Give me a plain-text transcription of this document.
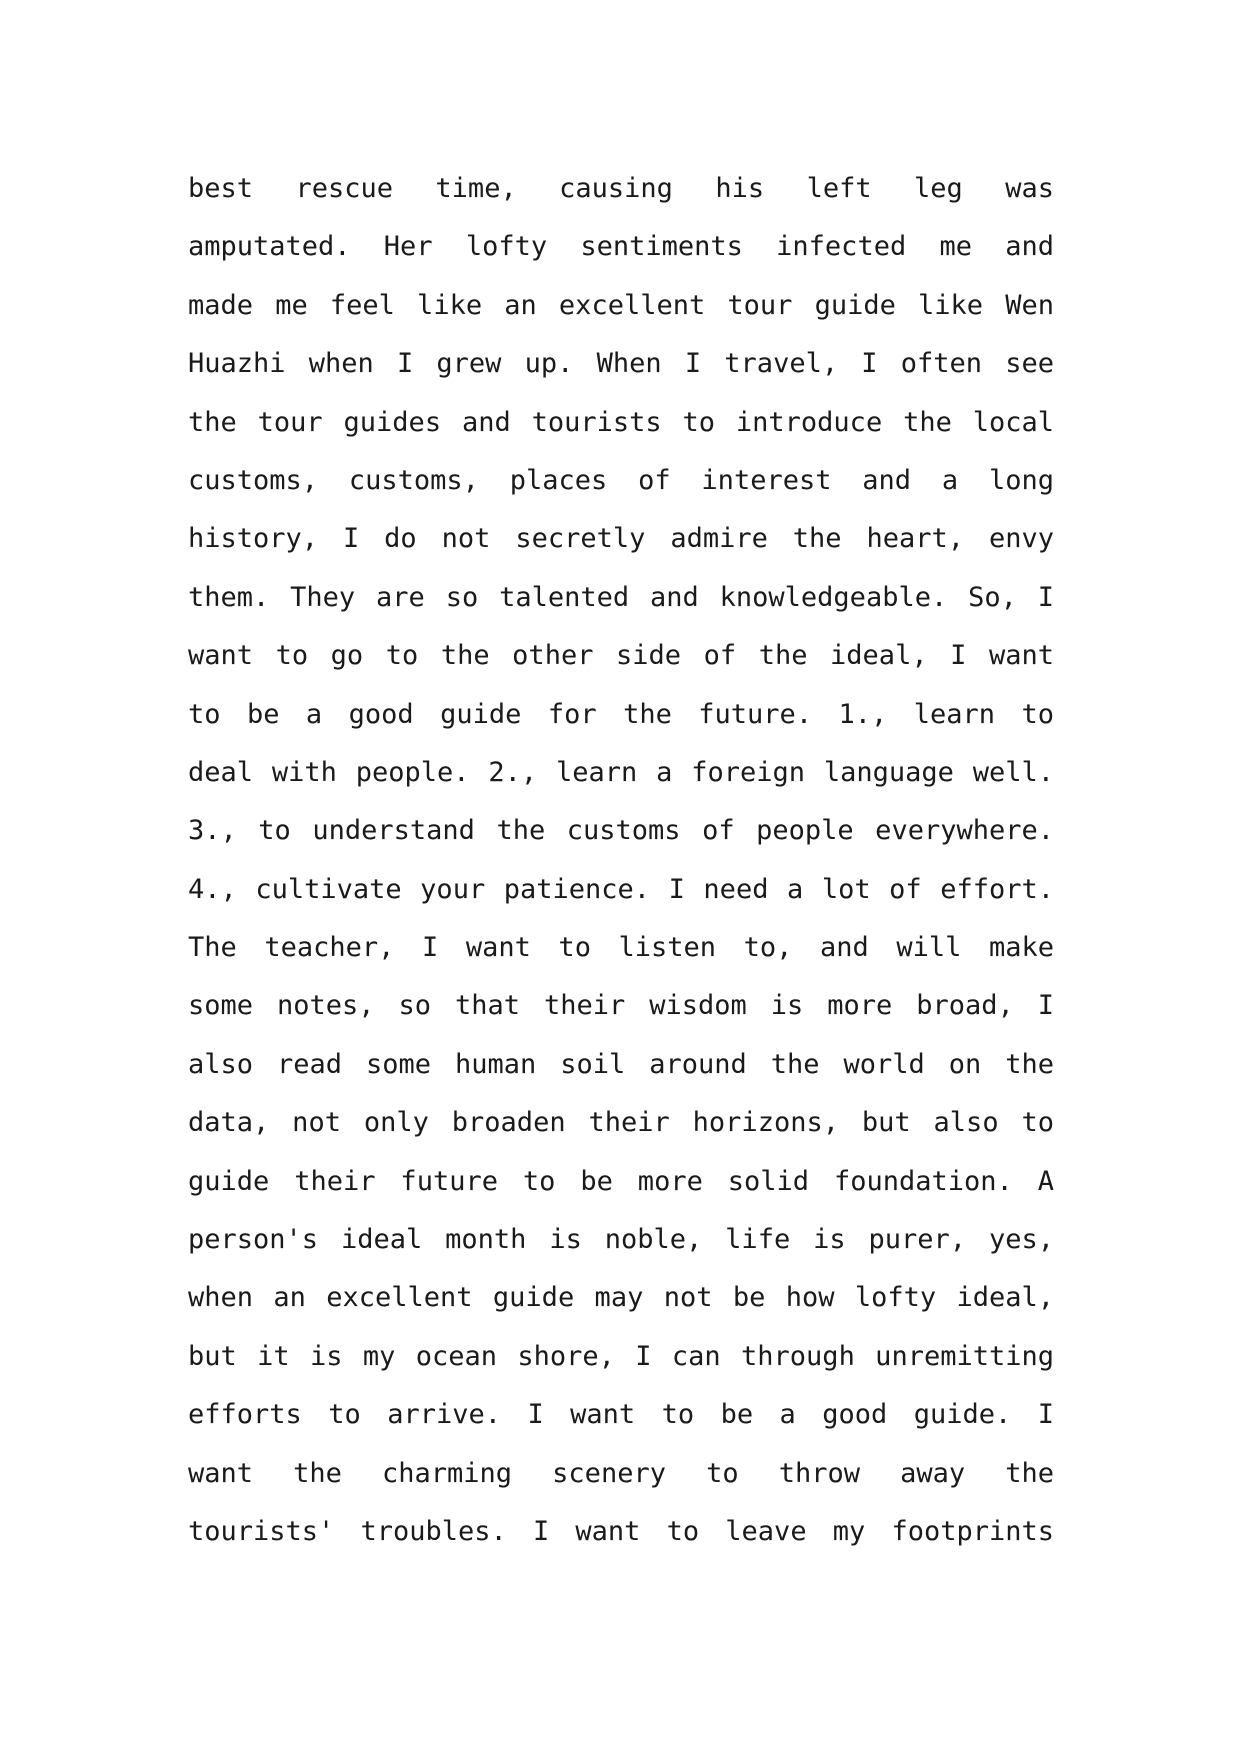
best rescue time, causing his left leg was
amputated. Her lofty sentiments infected me and
made me feel like an excellent tour guide like Wen
Huazhi when I grew up. When I travel, I often see
the tour guides and tourists to introduce the local
customs, customs, places of interest and a long
history, I do not secretly admire the heart, envy
them. They are so talented and knowledgeable. So, I
want to go to the other side of the ideal, I want
to be a good guide for the future. 1., learn to
deal with people. 2., learn a foreign language well.
3., to understand the customs of people everywhere.
4., cultivate your patience. I need a lot of effort.
The teacher, I want to listen to, and will make
some notes, so that their wisdom is more broad, I
also read some human soil around the world on the
data, not only broaden their horizons, but also to
guide their future to be more solid foundation. A
person's ideal month is noble, life is purer, yes,
when an excellent guide may not be how lofty ideal,
but it is my ocean shore, I can through unremitting
efforts to arrive. I want to be a good guide. I
want the charming scenery to throw away the
tourists' troubles. I want to leave my footprints
